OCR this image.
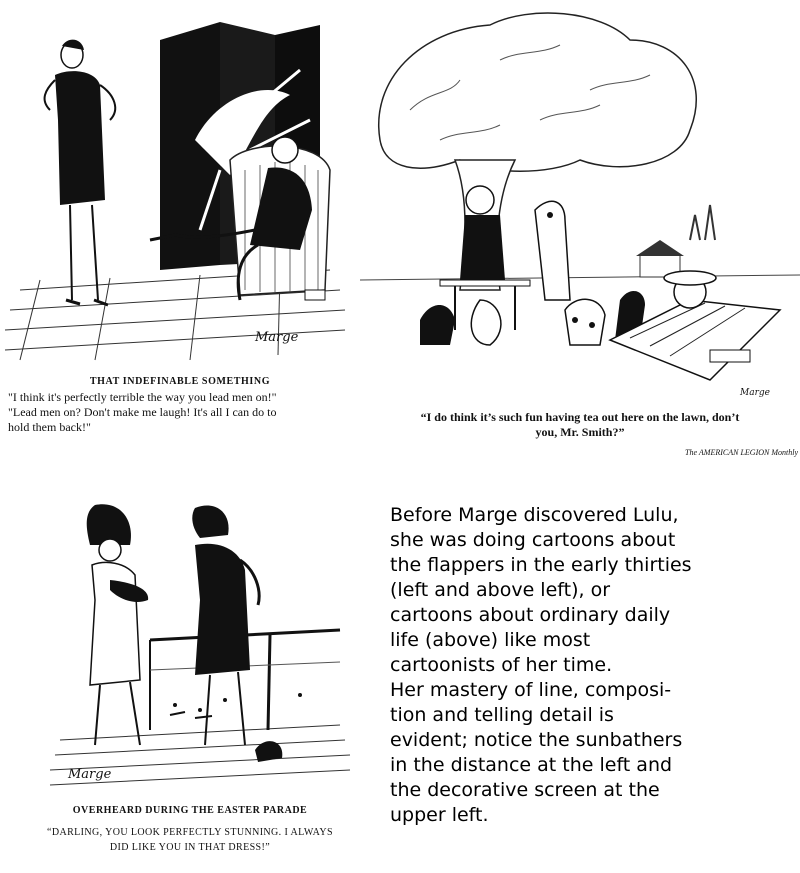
Marge
THAT INDEFINABLE SOMETHING
"I think it's perfectly terrible the way you lead men on!"
"Lead men on? Don't make me laugh! It's all I can do to
hold them back!"
Marge
“I do think it’s such fun having tea out here on the lawn, don’t
you, Mr. Smith?”
The AMERICAN LEGION Monthly
Marge
OVERHEARD DURING THE EASTER PARADE
“DARLING, YOU LOOK PERFECTLY STUNNING. I ALWAYS
DID LIKE YOU IN THAT DRESS!”
Before Marge discovered Lulu,
she was doing cartoons about
the flappers in the early thirties
(left and above left), or
cartoons about ordinary daily
life (above) like most
cartoonists of her time.
Her mastery of line, composi-
tion and telling detail is
evident; notice the sunbathers
in the distance at the left and
the decorative screen at the
upper left.
